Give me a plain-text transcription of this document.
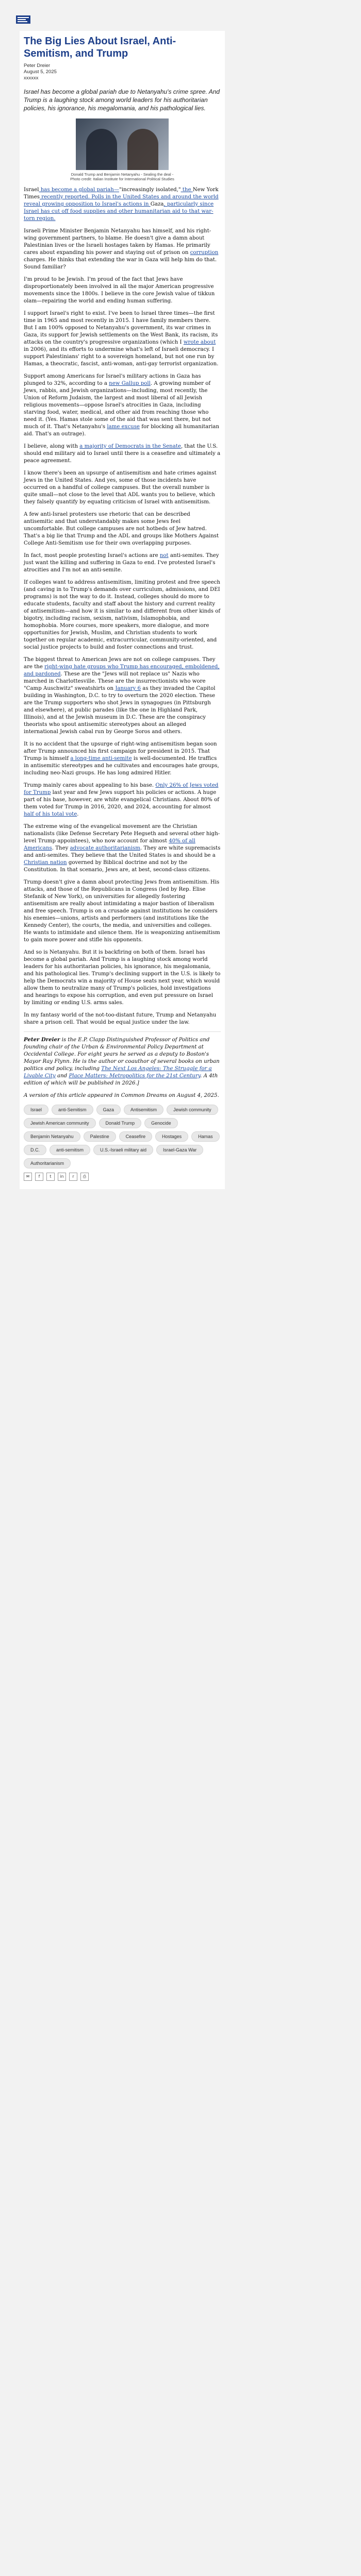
The Big Lies About Israel, Anti-Semitism, and Trump
Peter Dreier
August 5, 2025
xxxxxx
Israel has become a global pariah due to Netanyahu's crime spree. And Trump is a laughing stock among world leaders for his authoritarian policies, his ignorance, his megalomania, and his pathological lies.
Donald Trump and Benjamin Netanyahu - Sealing the deal - Photo credit: Italian Institute for International Political Studies

Israel has become a global pariah—"increasingly isolated," the New York Times recently reported. Polls in the United States and around the world reveal growing opposition to Israel's actions in Gaza, particularly since Israel has cut off food supplies and other humanitarian aid to that war-torn region.

Israeli Prime Minister Benjamin Netanyahu has himself, and his right-wing government partners, to blame. He doesn't give a damn about Palestinian lives or the Israeli hostages taken by Hamas. He primarily cares about expanding his power and staying out of prison on corruption charges. He thinks that extending the war in Gaza will help him do that. Sound familiar?

I'm proud to be Jewish. I'm proud of the fact that Jews have disproportionately been involved in all the major American progressive movements since the 1800s. I believe in the core Jewish value of tikkun olam—repairing the world and ending human suffering.

I support Israel's right to exist. I've been to Israel three times—the first time in 1965 and most recently in 2015. I have family members there. But I am 100% opposed to Netanyahu's government, its war crimes in Gaza, its support for Jewish settlements on the West Bank, its racism, its attacks on the country's progressive organizations (which I wrote about in 2006), and its efforts to undermine what's left of Israeli democracy. I support Palestinians' right to a sovereign homeland, but not one run by Hamas, a theocratic, fascist, anti-woman, anti-gay terrorist organization.

Support among Americans for Israel's military actions in Gaza has plunged to 32%, according to a new Gallup poll. A growing number of Jews, rabbis, and Jewish organizations—including, most recently, the Union of Reform Judaism, the largest and most liberal of all Jewish religious movements—oppose Israel's atrocities in Gaza, including starving food, water, medical, and other aid from reaching those who need it. (Yes. Hamas stole some of the aid that was sent there, but not much of it. That's Netanyahu's lame excuse for blocking all humanitarian aid. That's an outrage).

I believe, along with a majority of Democrats in the Senate, that the U.S. should end military aid to Israel until there is a ceasefire and ultimately a peace agreement.

I know there's been an upsurge of antisemitism and hate crimes against Jews in the United States. And yes, some of those incidents have occurred on a handful of college campuses. But the overall number is quite small—not close to the level that ADL wants you to believe, which they falsely quantify by equating criticism of Israel with antisemitism.

A few anti-Israel protesters use rhetoric that can be described antisemitic and that understandably makes some Jews feel uncomfortable. But college campuses are not hotbeds of Jew hatred. That's a big lie that Trump and the ADL and groups like Mothers Against College Anti-Semitism use for their own overlapping purposes.

In fact, most people protesting Israel's actions are not anti-semites. They just want the killing and suffering in Gaza to end. I've protested Israel's atrocities and I'm not an anti-semite.

If colleges want to address antisemitism, limiting protest and free speech (and caving in to Trump's demands over curriculum, admissions, and DEI programs) is not the way to do it. Instead, colleges should do more to educate students, faculty and staff about the history and current reality of antisemitism—and how it is similar to and different from other kinds of bigotry, including racism, sexism, nativism, Islamophobia, and homophobia. More courses, more speakers, more dialogue, and more opportunities for Jewish, Muslim, and Christian students to work together on regular academic, extracurricular, community-oriented, and social justice projects to build and foster connections and trust.

The biggest threat to American Jews are not on college campuses. They are the right-wing hate groups who Trump has encouraged, emboldened, and pardoned. These are the "Jews will not replace us" Nazis who marched in Charlottesville. These are the insurrectionists who wore "Camp Auschwitz" sweatshirts on January 6 as they invaded the Capitol building in Washington, D.C. to try to overturn the 2020 election. These are the Trump supporters who shot Jews in synagogues (in Pittsburgh and elsewhere), at public parades (like the one in Highland Park, Illinois), and at the Jewish museum in D.C. These are the conspiracy theorists who spout antisemitic stereotypes about an alleged international Jewish cabal run by George Soros and others.

It is no accident that the upsurge of right-wing antisemitism began soon after Trump announced his first campaign for president in 2015. That Trump is himself a long-time anti-semite is well-documented. He traffics in antisemitic stereotypes and he cultivates and encourages hate groups, including neo-Nazi groups. He has long admired Hitler.

Trump mainly cares about appealing to his base. Only 26% of Jews voted for Trump last year and few Jews support his policies or actions. A huge part of his base, however, are white evangelical Christians. About 80% of them voted for Trump in 2016, 2020, and 2024, accounting for almost half of his total vote.

The extreme wing of the evangelical movement are the Christian nationalists (like Defense Secretary Pete Hegseth and several other high-level Trump appointees), who now account for almost 40% of all Americans. They advocate authoritarianism. They are white supremacists and anti-semites. They believe that the United States is and should be a Christian nation governed by Biblical doctrine and not by the Constitution. In that scenario, Jews are, at best, second-class citizens.

Trump doesn't give a damn about protecting Jews from antisemitism. His attacks, and those of the Republicans in Congress (led by Rep. Elise Stefanik of New York), on universities for allegedly fostering antisemitism are really about intimidating a major bastion of liberalism and free speech. Trump is on a crusade against institutions he considers his enemies—unions, artists and performers (and institutions like the Kennedy Center), the courts, the media, and universities and colleges. He wants to intimidate and silence them. He is weaponizing antisemitism to gain more power and stifle his opponents.

And so is Netanyahu. But it is backfiring on both of them. Israel has become a global pariah. And Trump is a laughing stock among world leaders for his authoritarian policies, his ignorance, his megalomania, and his pathological lies. Trump's declining support in the U.S. is likely to help the Democrats win a majority of House seats next year, which would allow them to neutralize many of Trump's policies, hold investigations and hearings to expose his corruption, and even put pressure on Israel by limiting or ending U.S. arms sales.

In my fantasy world of the not-too-distant future, Trump and Netanyahu share a prison cell. That would be equal justice under the law.

Peter Dreier is the E.P. Clapp Distinguished Professor of Politics and founding chair of the Urban & Environmental Policy Department at Occidental College. For eight years he served as a deputy to Boston's Mayor Ray Flynn. He is the author or coauthor of several books on urban politics and policy, including The Next Los Angeles: The Struggle for a Livable City and Place Matters: Metropolitics for the 21st Century. A 4th edition of which will be published in 2026.]
A version of this article appeared in Common Dreams on August 4, 2025.
Israel	anti-Semitism	Gaza	Antisemitism	Jewish community
Jewish American community	Donald Trump	Genocide
Benjamin Netanyahu	Palestine	Ceasefire	Hostages	Hamas
D.C.	anti-semitism	U.S.-Israeli military aid	Israel-Gaza War
Authoritarianism
✉	f	t	in	r	⎙
